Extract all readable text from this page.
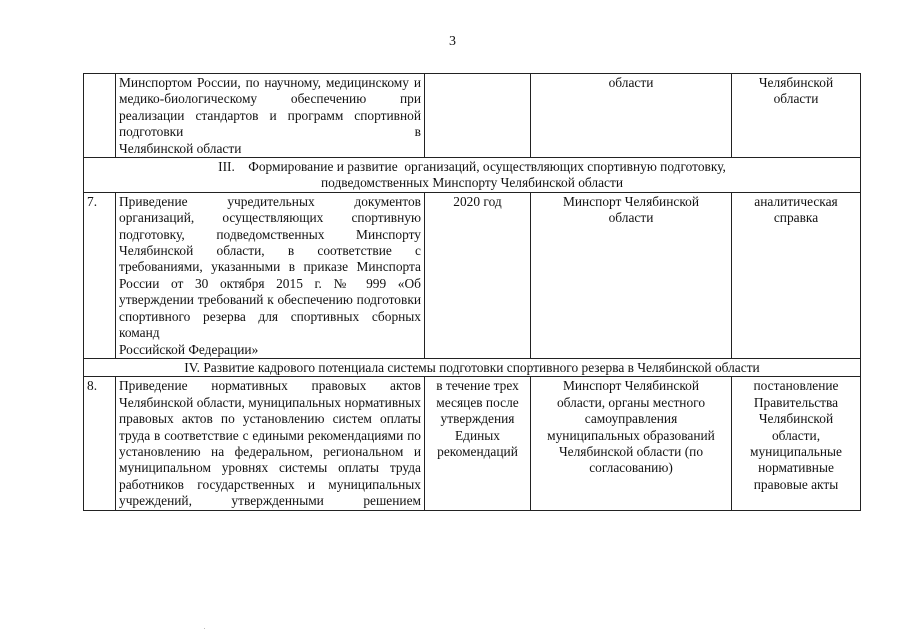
3
	Минспортом России, по научному, медицинскому и медико-биологическому обеспечению при реализации стандартов и программ спортивной подготовки в
Челябинской области		области	Челябинской области

III.    Формирование и развитие  организаций, осуществляющих спортивную подготовку,
подведомственных Минспорту Челябинской области				

7.	Приведение учредительных документов организаций, осуществляющих спортивную подготовку, подведомственных Минспорту Челябинской области, в соответствие с требованиями, указанными в приказе Минспорта России от 30 октября 2015 г. № 999 «Об утверждении требований к обеспечению подготовки спортивного резерва для спортивных сборных команд
Российской Федерации»	2020 год	Минспорт Челябинской области	аналитическая справка

IV. Развитие кадрового потенциала системы подготовки спортивного резерва в Челябинской области				

8.	Приведение нормативных правовых актов Челябинской области, муниципальных нормативных правовых актов по установлению систем оплаты труда в соответствие с едиными рекомендациями по установлению на федеральном, региональном и муниципальном уровнях системы оплаты труда работников государственных и муниципальных учреждений, утвержденными решением	в течение трех месяцев после утверждения Единых рекомендаций	Минспорт Челябинской области, органы местного самоуправления муниципальных образований Челябинской области (по согласованию)	постановление Правительства Челябинской области, муниципальные нормативные правовые акты
